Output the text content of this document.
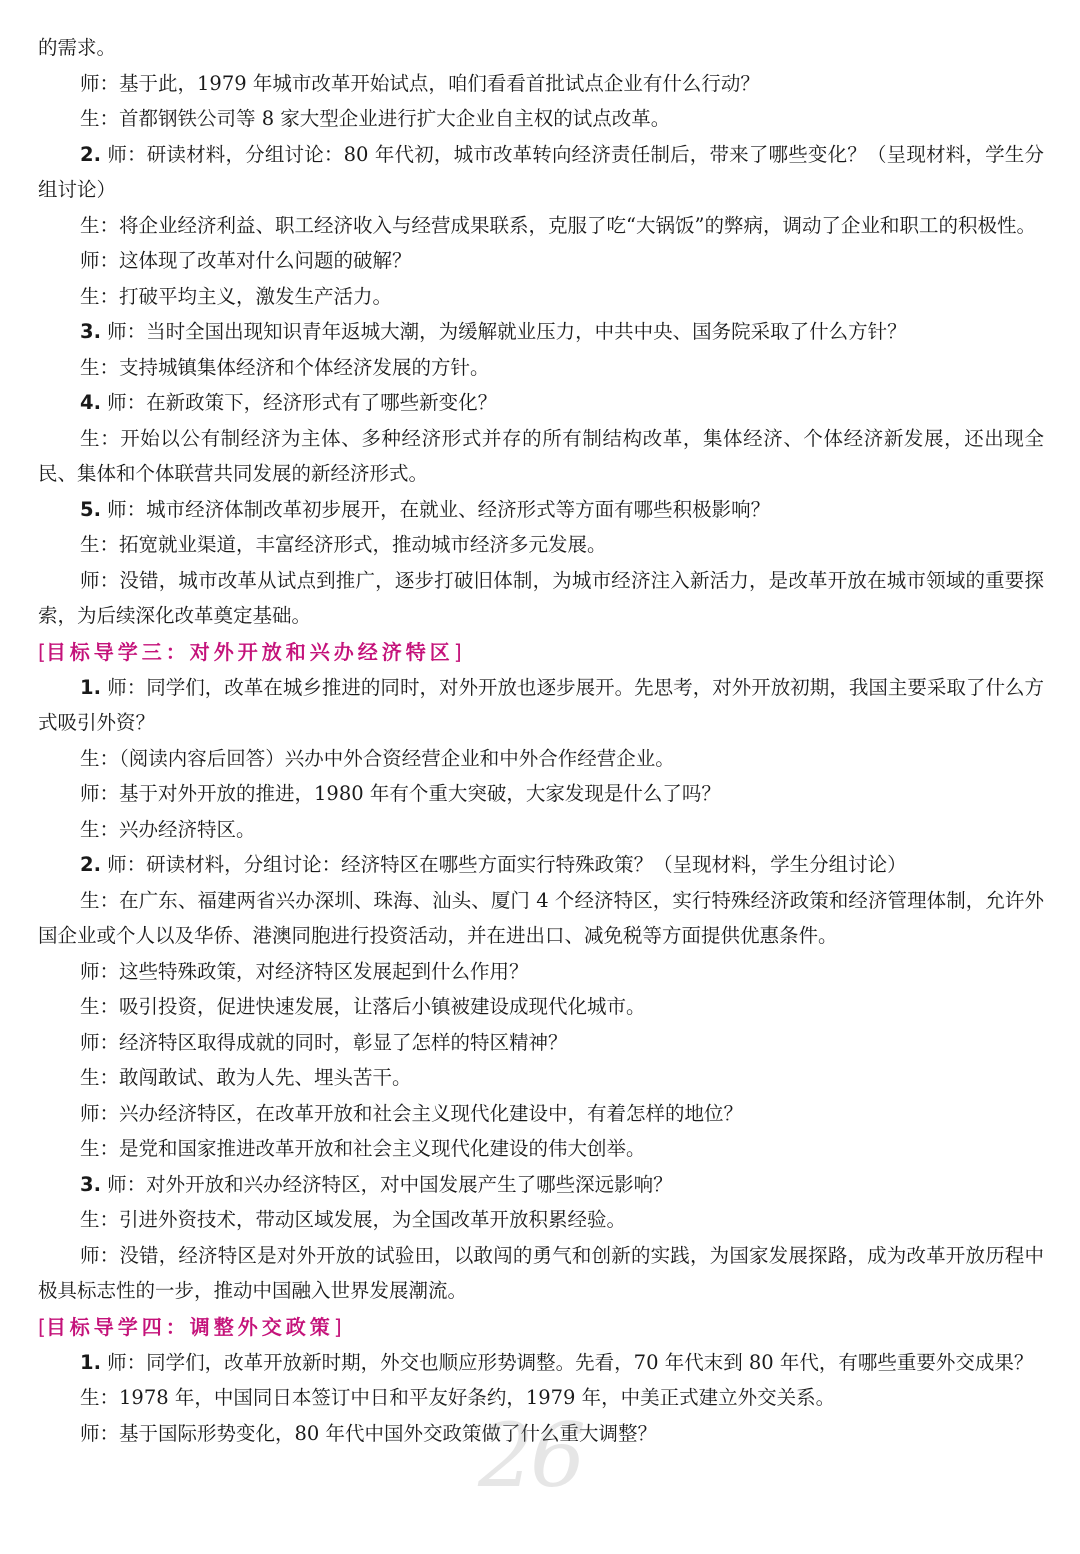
的需求。

师：基于此，1979 年城市改革开始试点，咱们看看首批试点企业有什么行动？

生：首都钢铁公司等 8 家大型企业进行扩大企业自主权的试点改革。

2. 师：研读材料，分组讨论：80 年代初，城市改革转向经济责任制后，带来了哪些变化？（呈现材料，学生分组讨论）

生：将企业经济利益、职工经济收入与经营成果联系，克服了吃“大锅饭”的弊病，调动了企业和职工的积极性。

师：这体现了改革对什么问题的破解？

生：打破平均主义，激发生产活力。

3. 师：当时全国出现知识青年返城大潮，为缓解就业压力，中共中央、国务院采取了什么方针？

生：支持城镇集体经济和个体经济发展的方针。

4. 师：在新政策下，经济形式有了哪些新变化？

生：开始以公有制经济为主体、多种经济形式并存的所有制结构改革，集体经济、个体经济新发展，还出现全民、集体和个体联营共同发展的新经济形式。

5. 师：城市经济体制改革初步展开，在就业、经济形式等方面有哪些积极影响？

生：拓宽就业渠道，丰富经济形式，推动城市经济多元发展。

师：没错，城市改革从试点到推广，逐步打破旧体制，为城市经济注入新活力，是改革开放在城市领域的重要探索，为后续深化改革奠定基础。

[目标导学三：对外开放和兴办经济特区]

1. 师：同学们，改革在城乡推进的同时，对外开放也逐步展开。先思考，对外开放初期，我国主要采取了什么方式吸引外资？

生：（阅读内容后回答）兴办中外合资经营企业和中外合作经营企业。

师：基于对外开放的推进，1980 年有个重大突破，大家发现是什么了吗？

生：兴办经济特区。

2. 师：研读材料，分组讨论：经济特区在哪些方面实行特殊政策？（呈现材料，学生分组讨论）

生：在广东、福建两省兴办深圳、珠海、汕头、厦门 4 个经济特区，实行特殊经济政策和经济管理体制，允许外国企业或个人以及华侨、港澳同胞进行投资活动，并在进出口、减免税等方面提供优惠条件。

师：这些特殊政策，对经济特区发展起到什么作用？

生：吸引投资，促进快速发展，让落后小镇被建设成现代化城市。

师：经济特区取得成就的同时，彰显了怎样的特区精神？

生：敢闯敢试、敢为人先、埋头苦干。

师：兴办经济特区，在改革开放和社会主义现代化建设中，有着怎样的地位？

生：是党和国家推进改革开放和社会主义现代化建设的伟大创举。

3. 师：对外开放和兴办经济特区，对中国发展产生了哪些深远影响？

生：引进外资技术，带动区域发展，为全国改革开放积累经验。

师：没错，经济特区是对外开放的试验田，以敢闯的勇气和创新的实践，为国家发展探路，成为改革开放历程中极具标志性的一步，推动中国融入世界发展潮流。

[目标导学四：调整外交政策]

1. 师：同学们，改革开放新时期，外交也顺应形势调整。先看，70 年代末到 80 年代，有哪些重要外交成果？

生：1978 年，中国同日本签订中日和平友好条约，1979 年，中美正式建立外交关系。

师：基于国际形势变化，80 年代中国外交政策做了什么重大调整？

26
